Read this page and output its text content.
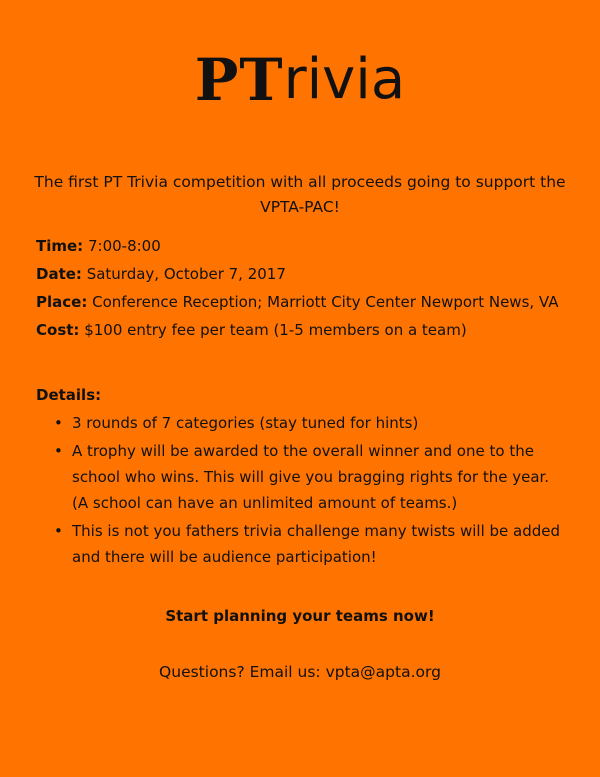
PT rivia
The first PT Trivia competition with all proceeds going to support the VPTA-PAC!
Time: 7:00-8:00
Date: Saturday, October 7, 2017
Place: Conference Reception; Marriott City Center Newport News, VA
Cost: $100 entry fee per team (1-5 members on a team)
Details:
• 3 rounds of 7 categories (stay tuned for hints)
• A trophy will be awarded to the overall winner and one to the school who wins. This will give you bragging rights for the year. (A school can have an unlimited amount of teams.)
• This is not you fathers trivia challenge many twists will be added and there will be audience participation!
Start planning your teams now!
Questions? Email us: vpta@apta.org
